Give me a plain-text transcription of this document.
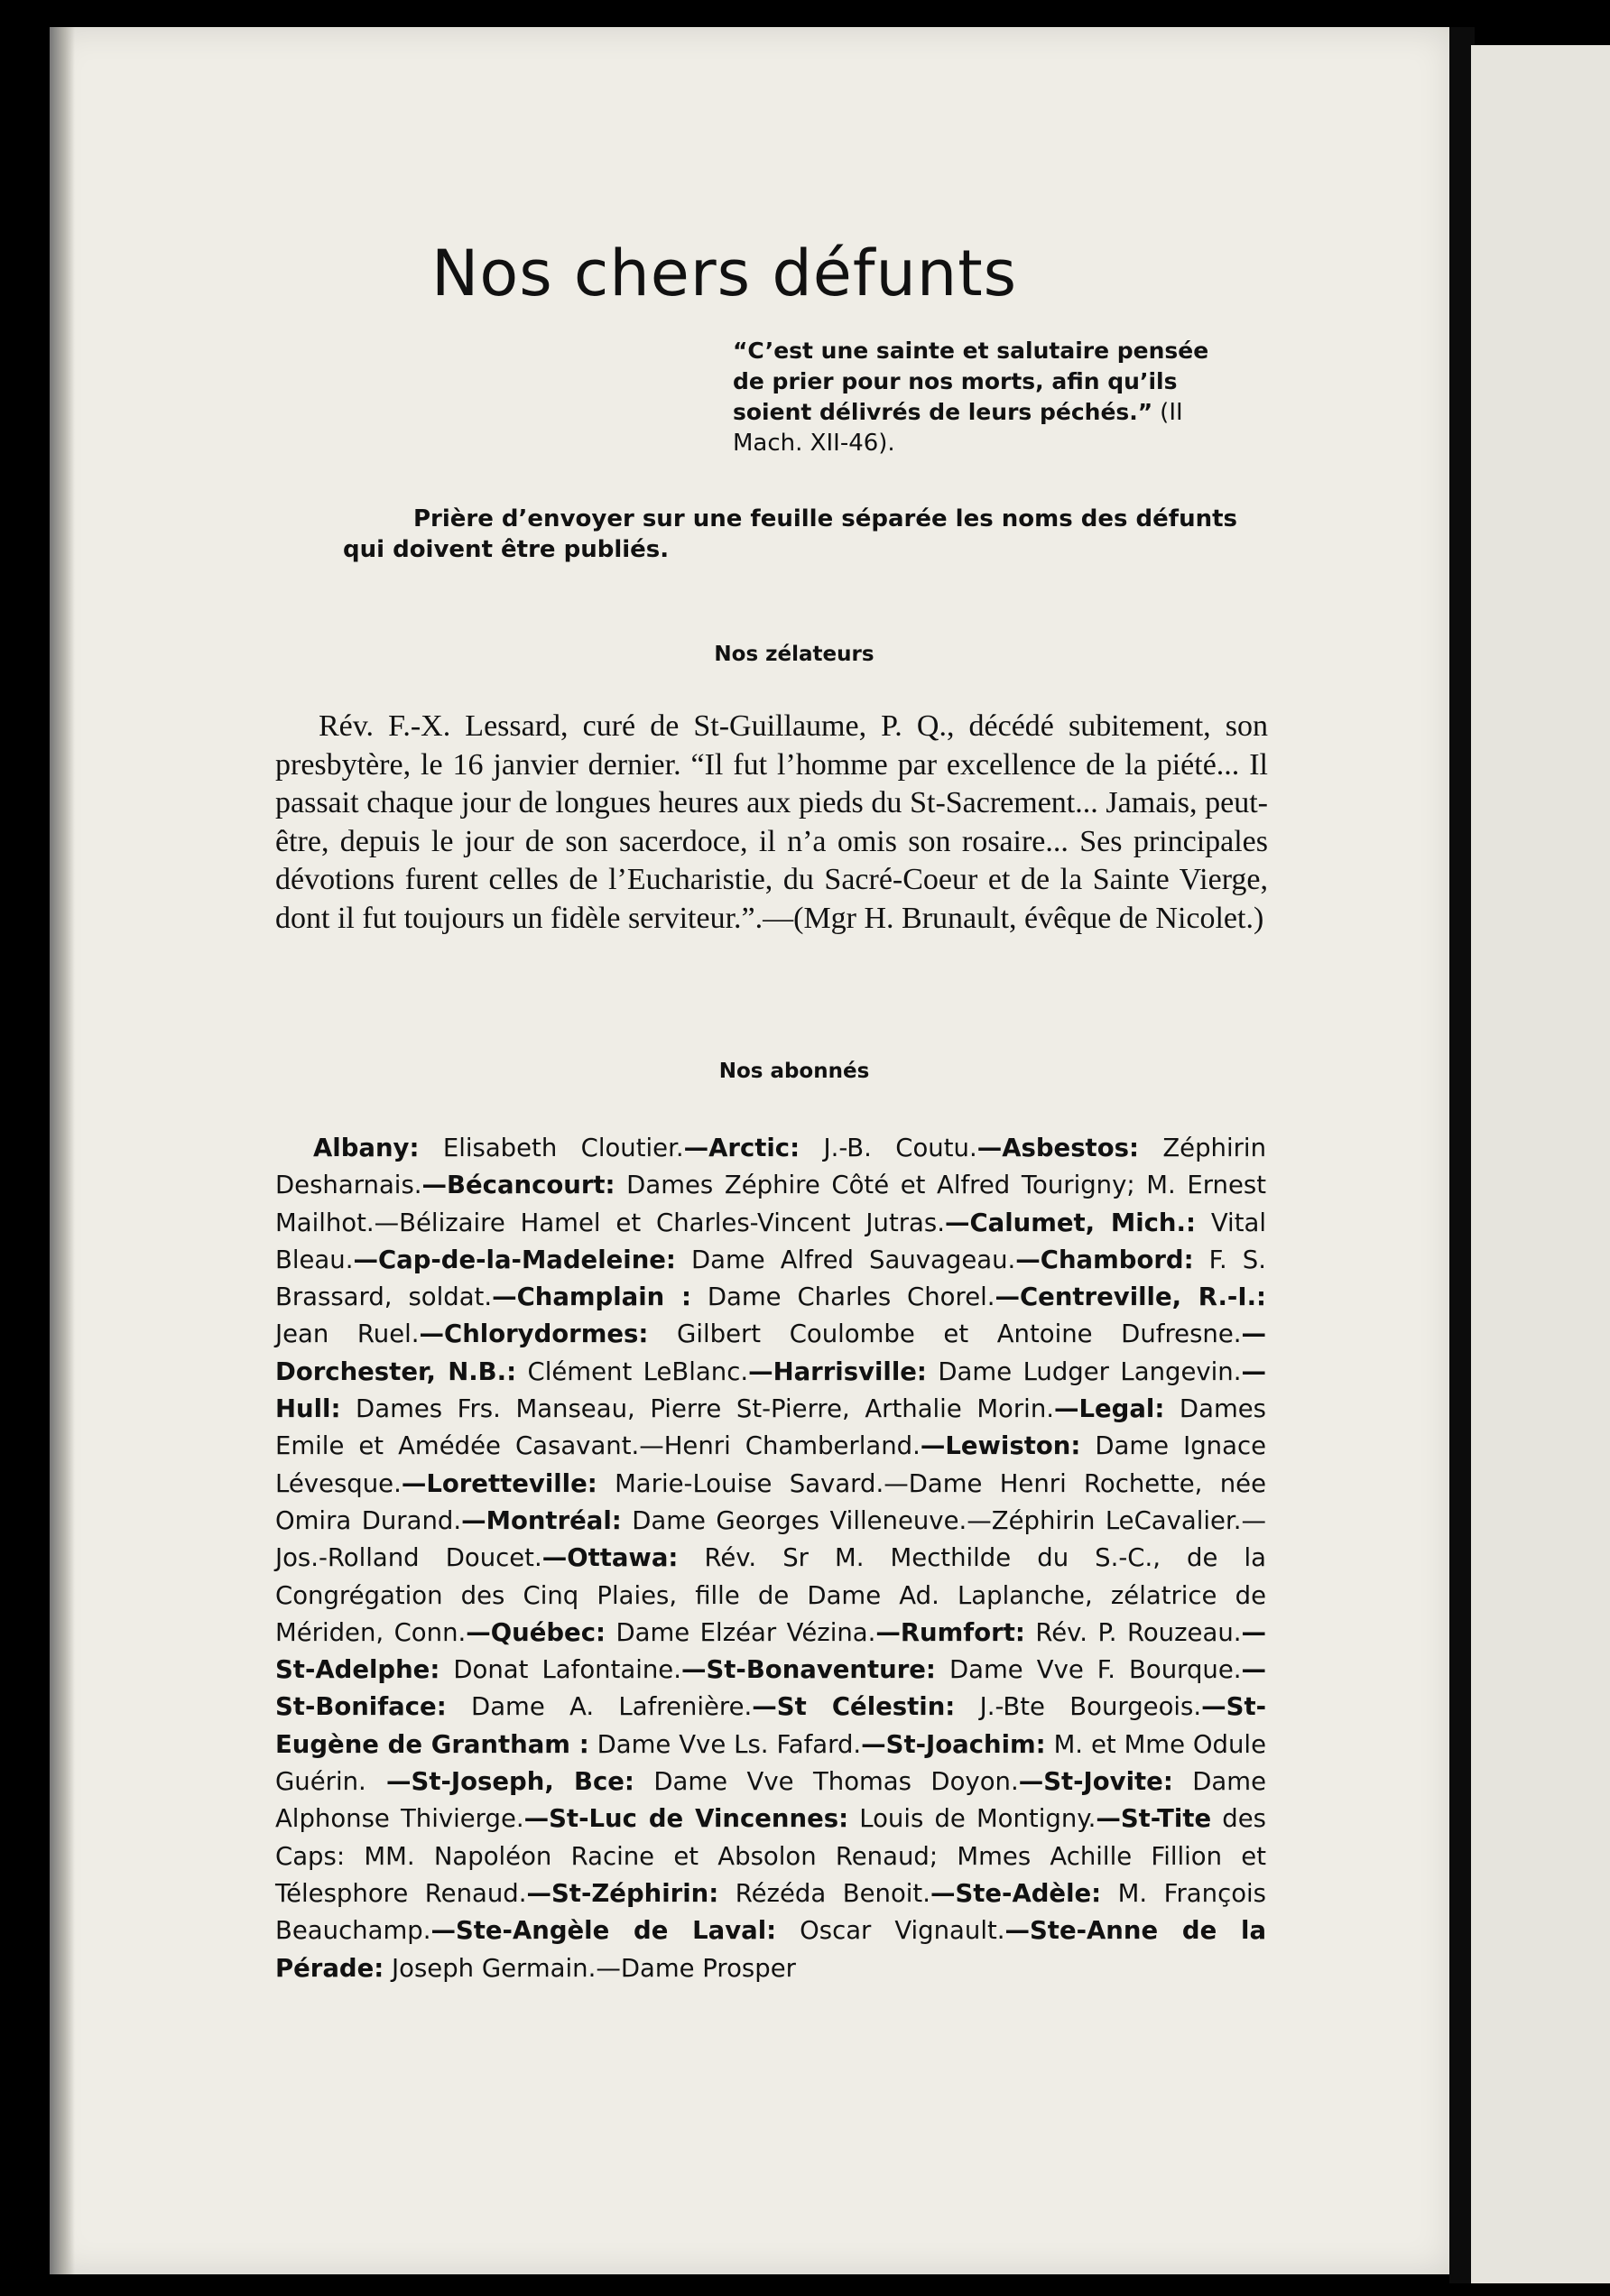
Nos chers défunts

“C’est une sainte et salutaire pensée de prier pour nos morts, afin qu’ils soient délivrés de leurs péchés.” (II Mach. XII-46).

Prière d’envoyer sur une feuille séparée les noms des défunts qui doivent être publiés.

Nos zélateurs

Rév. F.-X. Lessard, curé de St-Guillaume, P. Q., décédé subitement, son presbytère, le 16 janvier dernier. “Il fut l’homme par excellence de la piété... Il passait chaque jour de longues heures aux pieds du St-Sacrement... Jamais, peut-être, depuis le jour de son sacerdoce, il n’a omis son rosaire... Ses principales dévotions furent celles de l’Eucharistie, du Sacré-Coeur et de la Sainte Vierge, dont il fut toujours un fidèle serviteur.”.—(Mgr H. Brunault, évêque de Nicolet.)

Nos abonnés

Albany: Elisabeth Cloutier.—Arctic: J.-B. Coutu.—Asbestos: Zéphirin Desharnais.—Bécancourt: Dames Zéphire Côté et Alfred Tourigny; M. Ernest Mailhot.—Bélizaire Hamel et Charles-Vincent Jutras.—Calumet, Mich.: Vital Bleau.—Cap-de-la-Madeleine: Dame Alfred Sauvageau.—Chambord: F. S. Brassard, soldat.—Champlain : Dame Charles Chorel.—Centreville, R.-I.: Jean Ruel.—Chlorydormes: Gilbert Coulombe et Antoine Dufresne.—Dorchester, N.B.: Clément LeBlanc.—Harrisville: Dame Ludger Langevin.—Hull: Dames Frs. Manseau, Pierre St-Pierre, Arthalie Morin.—Legal: Dames Emile et Amédée Casavant.—Henri Chamberland.—Lewiston: Dame Ignace Lévesque.—Loretteville: Marie-Louise Savard.—Dame Henri Rochette, née Omira Durand.—Montréal: Dame Georges Villeneuve.—Zéphirin LeCavalier.—Jos.-Rolland Doucet.—Ottawa: Rév. Sr M. Mecthilde du S.-C., de la Congrégation des Cinq Plaies, fille de Dame Ad. Laplanche, zélatrice de Mériden, Conn.—Québec: Dame Elzéar Vézina.—Rumfort: Rév. P. Rouzeau.—St-Adelphe: Donat Lafontaine.—St-Bonaventure: Dame Vve F. Bourque.—St-Boniface: Dame A. Lafrenière.—St Célestin: J.-Bte Bourgeois.—St-Eugène de Grantham : Dame Vve Ls. Fafard.—St-Joachim: M. et Mme Odule Guérin. —St-Joseph, Bce: Dame Vve Thomas Doyon.—St-Jovite: Dame Alphonse Thivierge.—St-Luc de Vincennes: Louis de Montigny.—St-Tite des Caps: MM. Napoléon Racine et Absolon Renaud; Mmes Achille Fillion et Télesphore Renaud.—St-Zéphirin: Rézéda Benoit.—Ste-Adèle: M. François Beauchamp.—Ste-Angèle de Laval: Oscar Vignault.—Ste-Anne de la Pérade: Joseph Germain.—Dame Prosper
